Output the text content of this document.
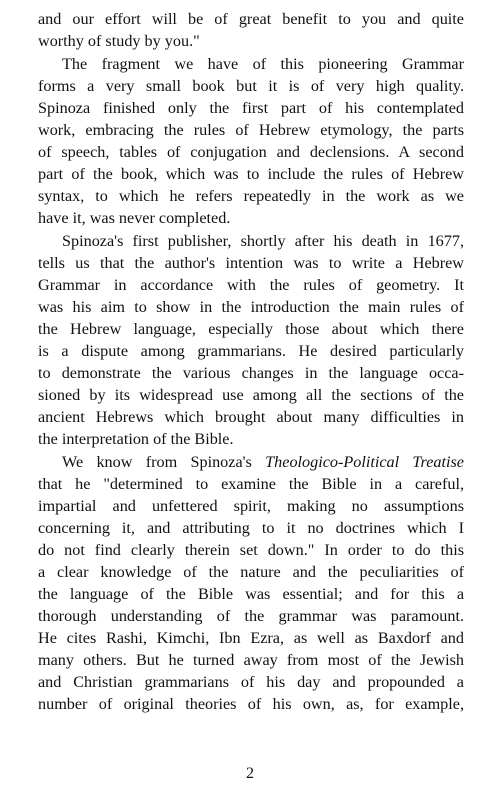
and our effort will be of great benefit to you and quite
worthy of study by you."
The fragment we have of this pioneering Grammar
forms a very small book but it is of very high quality.
Spinoza finished only the first part of his contemplated
work, embracing the rules of Hebrew etymology, the parts
of speech, tables of conjugation and declensions. A second
part of the book, which was to include the rules of Hebrew
syntax, to which he refers repeatedly in the work as we
have it, was never completed.
Spinoza's first publisher, shortly after his death in 1677,
tells us that the author's intention was to write a Hebrew
Grammar in accordance with the rules of geometry. It
was his aim to show in the introduction the main rules of
the Hebrew language, especially those about which there
is a dispute among grammarians. He desired particularly
to demonstrate the various changes in the language occa-
sioned by its widespread use among all the sections of the
ancient Hebrews which brought about many difficulties in
the interpretation of the Bible.
We know from Spinoza's Theologico-Political Treatise
that he "determined to examine the Bible in a careful,
impartial and unfettered spirit, making no assumptions
concerning it, and attributing to it no doctrines which I
do not find clearly therein set down." In order to do this
a clear knowledge of the nature and the peculiarities of
the language of the Bible was essential; and for this a
thorough understanding of the grammar was paramount.
He cites Rashi, Kimchi, Ibn Ezra, as well as Baxdorf and
many others. But he turned away from most of the Jewish
and Christian grammarians of his day and propounded a
number of original theories of his own, as, for example,
2
